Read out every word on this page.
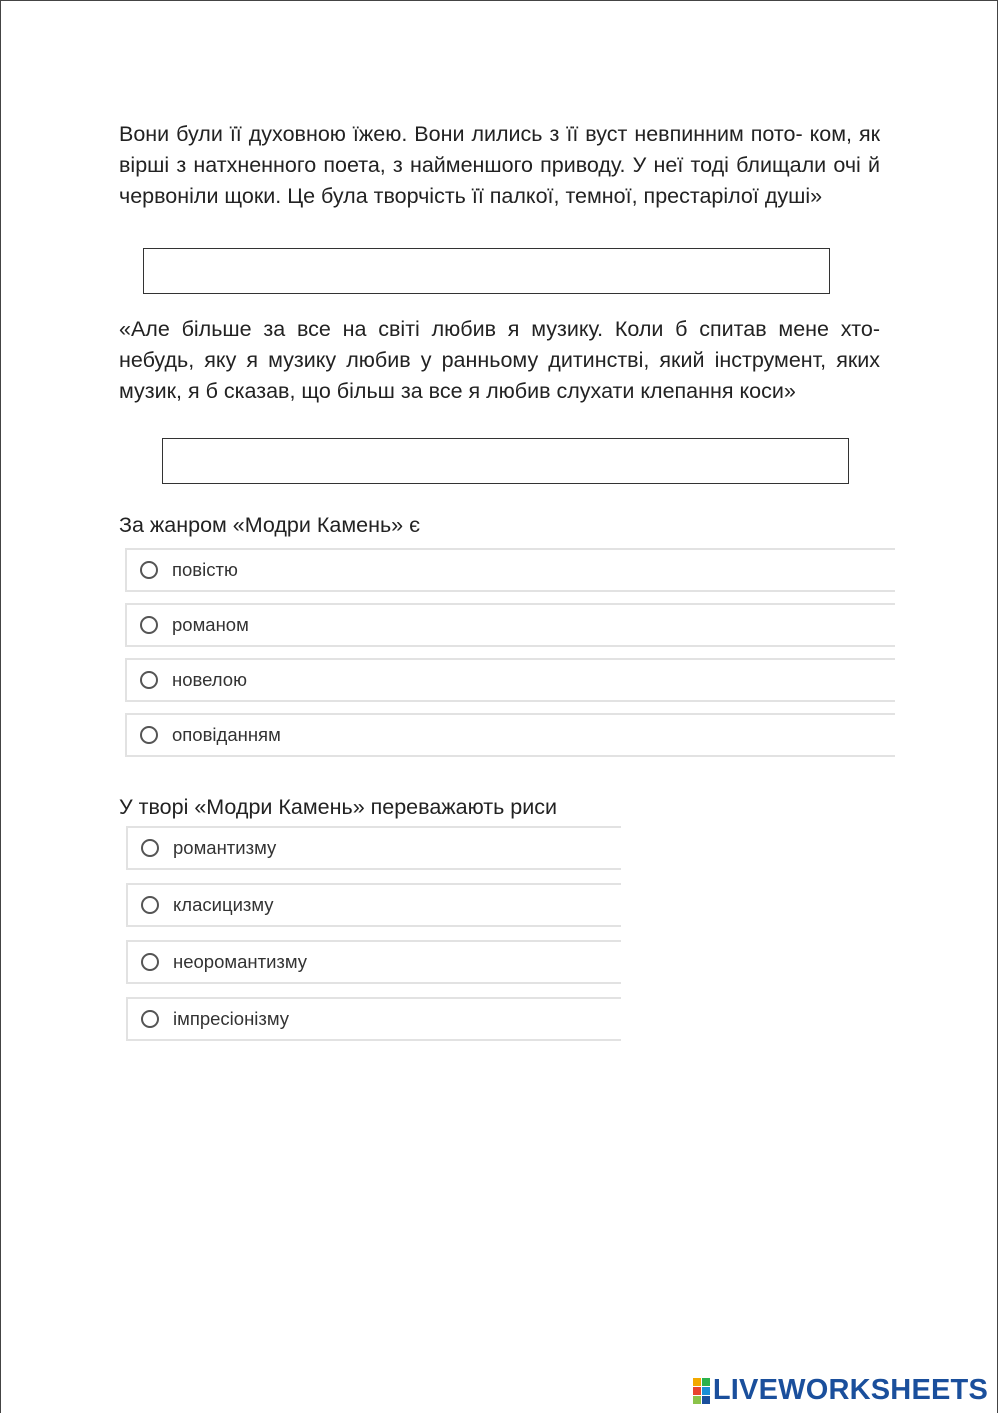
Вони були її духовною їжею. Вони лились з її вуст невпинним пото- ком, як вірші з натхненного поета, з найменшого приводу. У неї тоді блищали очі й червоніли щоки. Це була творчість її палкої, темної, престарілої душі»

«Але більше за все на світі любив я музику. Коли б спитав мене хто- небудь, яку я музику любив у ранньому дитинстві, який інструмент, яких музик, я б сказав, що більш за все я любив слухати клепання коси»

За жанром «Модри Камень» є

повістю
романом
новелою
оповіданням

У творі «Модри Камень» переважають риси

романтизму
класицизму
неоромантизму
імпресіонізму
LIVEWORKSHEETS
